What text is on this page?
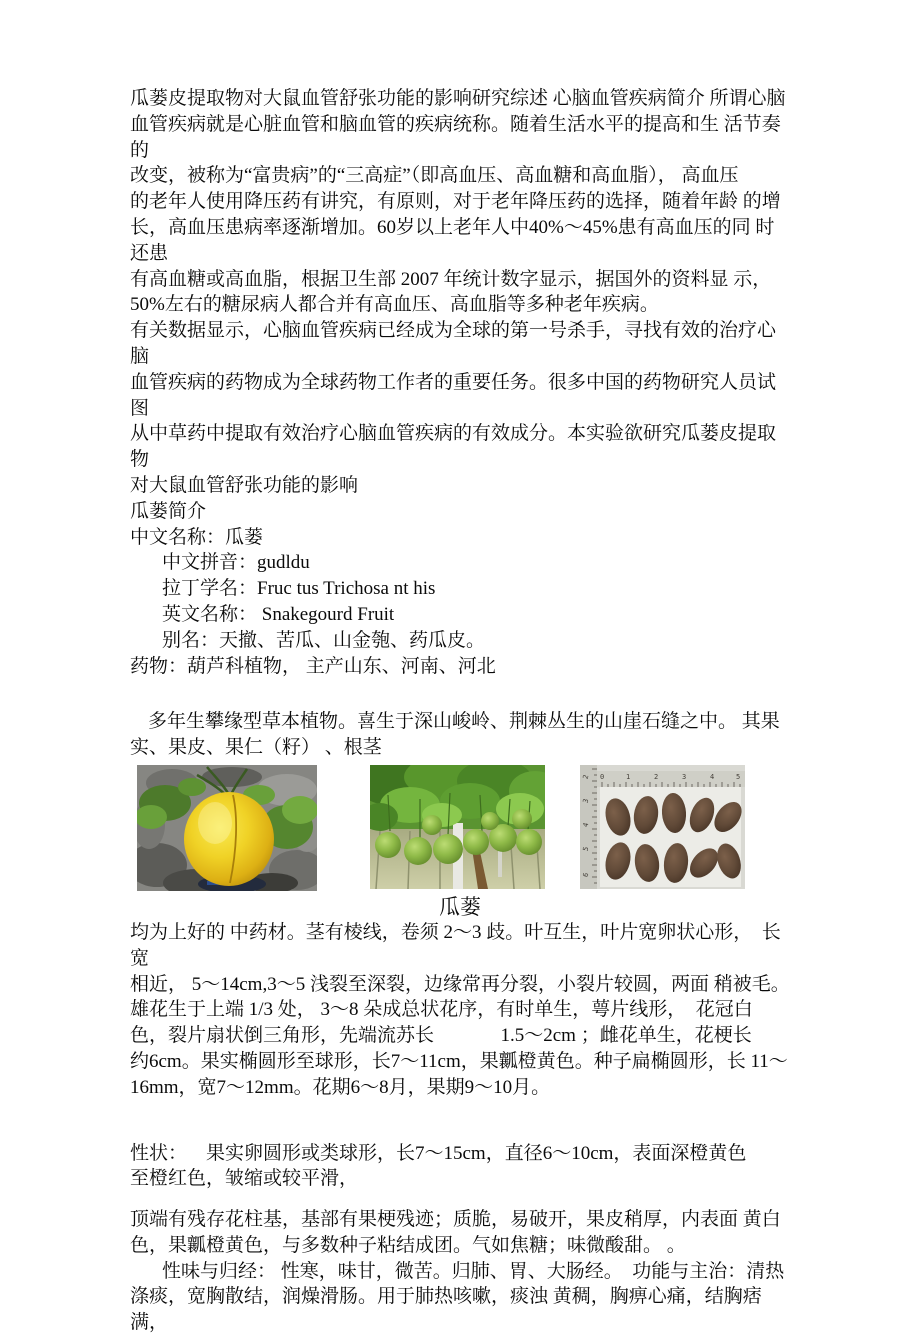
瓜蒌皮提取物对大鼠血管舒张功能的影响研究综述 心脑血管疾病简介 所谓心脑
血管疾病就是心脏血管和脑血管的疾病统称。随着生活水平的提高和生 活节奏的
改变，被称为“富贵病”的“三高症”（即高血压、高血糖和高血脂）， 高血压
的老年人使用降压药有讲究，有原则，对于老年降压药的选择，随着年龄 的增
长，高血压患病率逐渐增加。60岁以上老年人中40%〜45%患有高血压的同 时还患
有高血糖或高血脂，根据卫生部 2007 年统计数字显示，据国外的资料显 示，
50%左右的糖尿病人都合并有高血压、高血脂等多种老年疾病。
有关数据显示，心脑血管疾病已经成为全球的第一号杀手，寻找有效的治疗心脑
血管疾病的药物成为全球药物工作者的重要任务。很多中国的药物研究人员试图
从中草药中提取有效治疗心脑血管疾病的有效成分。本实验欲研究瓜蒌皮提取物
对大鼠血管舒张功能的影响
瓜蒌简介
中文名称：瓜蒌
中文拼音：gudldu
拉丁学名：Fruc tus Trichosa nt his
英文名称： Snakegourd Fruit
别名：天撤、苦瓜、山金匏、药瓜皮。
药物：葫芦科植物， 主产山东、河南、河北
多年生攀缘型草本植物。喜生于深山峻岭、荆棘丛生的山崖石缝之中。 其果
实、果皮、果仁（籽） 、根茎
2
3
4
5
6
0	1	2	3	4	5
瓜蒌
均为上好的 中药材。茎有棱线，卷须 2〜3 歧。叶互生，叶片宽卵状心形，  长宽
相近， 5〜14cm,3〜5 浅裂至深裂，边缘常再分裂，小裂片较圆，两面 稍被毛。
雄花生于上端 1/3 处， 3〜8 朵成总状花序，有时单生，萼片线形，  花冠白
色，裂片扇状倒三角形，先端流苏长              1.5〜2cm ；雌花单生，花梗长
约6cm。果实椭圆形至球形，长7〜11cm，果瓤橙黄色。种子扁椭圆形，长 11〜
16mm，宽7〜12mm。花期6〜8月，果期9〜10月。
性状：    果实卵圆形或类球形，长7〜15cm，直径6〜10cm，表面深橙黄色
至橙红色，皱缩或较平滑，
顶端有残存花柱基，基部有果梗残迹；质脆，易破开，果皮稍厚，内表面 黄白
色，果瓤橙黄色，与多数种子粘结成团。气如焦糖；味微酸甜。 。
性味与归经： 性寒，味甘，微苦。归肺、胃、大肠经。  功能与主治：清热
涤痰，宽胸散结，润燥滑肠。用于肺热咳嗽，痰浊 黄稠，胸痹心痛，结胸痞满，
